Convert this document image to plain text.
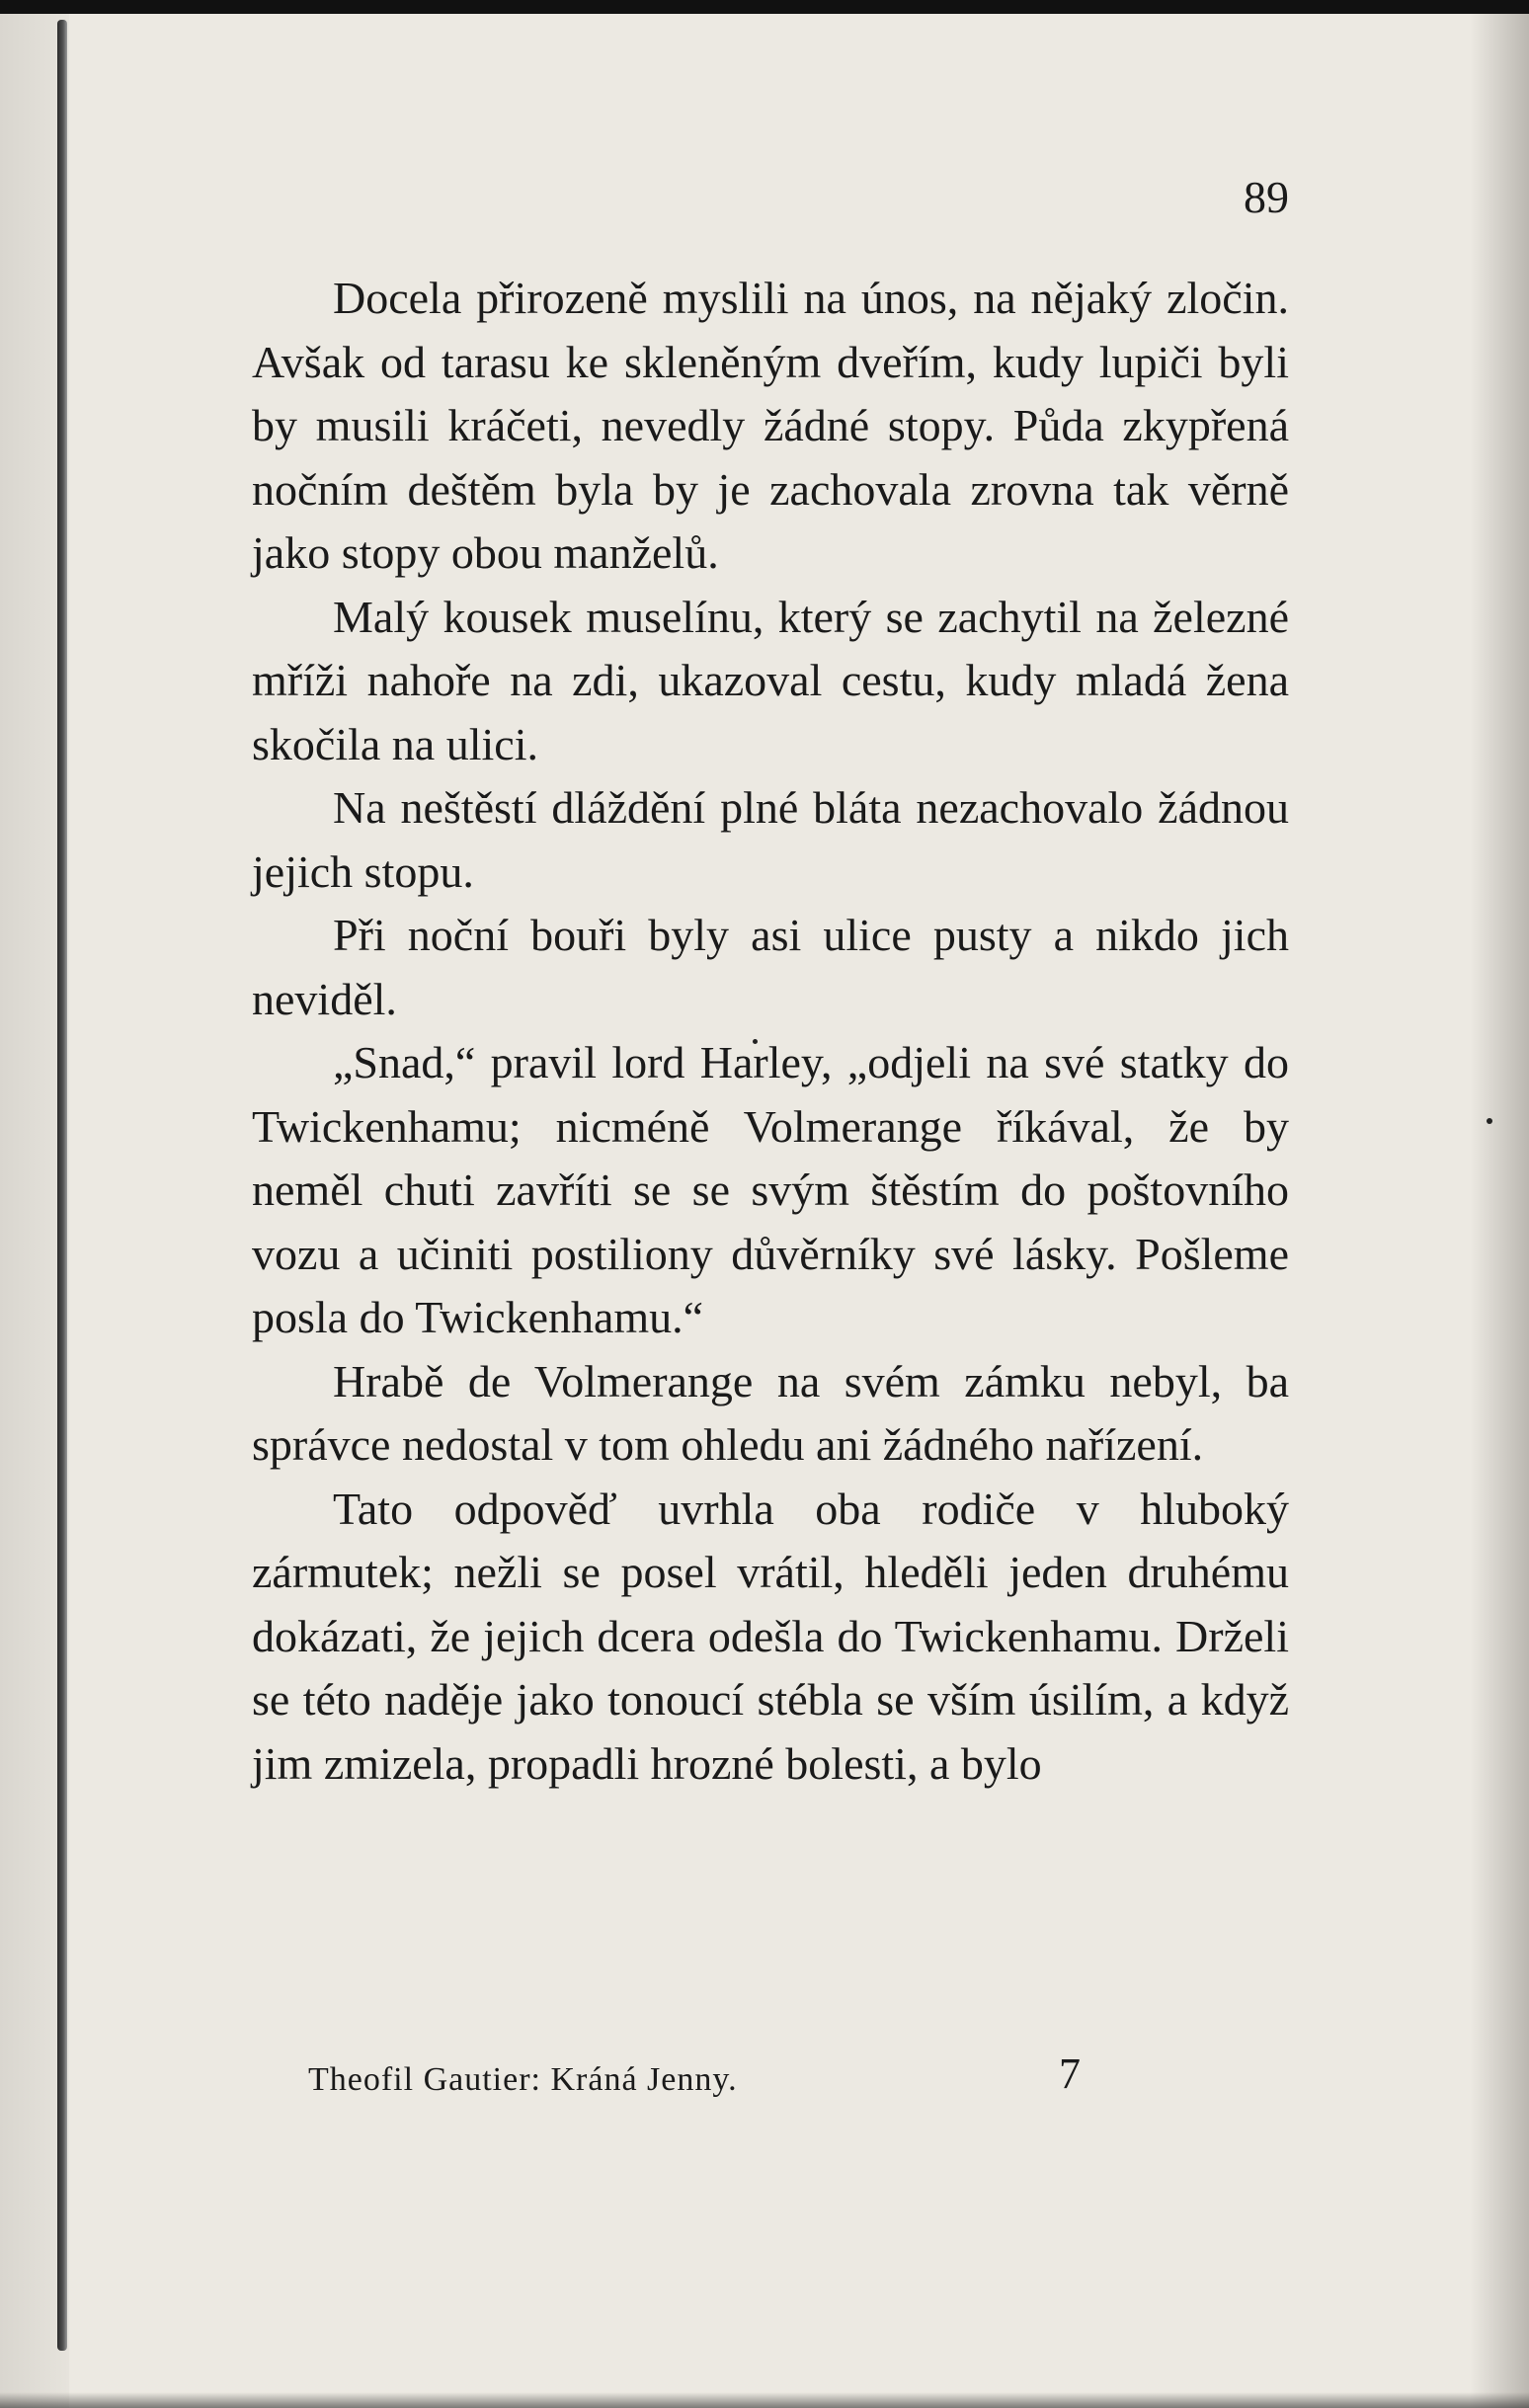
89

Docela přirozeně myslili na únos, na nějaký zločin. Avšak od tarasu ke skleněným dveřím, kudy lupiči byli by musili kráčeti, nevedly žádné stopy. Půda zkypřená nočním deštěm byla by je zachovala zrovna tak věrně jako stopy obou manželů.

Malý kousek muselínu, který se zachytil na železné mříži nahoře na zdi, ukazoval cestu, kudy mladá žena skočila na ulici.

Na neštěstí dláždění plné bláta nezachovalo žádnou jejich stopu.

Při noční bouři byly asi ulice pusty a nikdo jich neviděl.

„Snad,“ pravil lord Harley, „odjeli na své statky do Twickenhamu; nicméně Volmerange říkával, že by neměl chuti zavříti se se svým štěstím do poštovního vozu a učiniti postiliony důvěrníky své lásky. Pošleme posla do Twickenhamu.“

Hrabě de Volmerange na svém zámku nebyl, ba správce nedostal v tom ohledu ani žádného nařízení.

Tato odpověď uvrhla oba rodiče v hluboký zármutek; nežli se posel vrátil, hleděli jeden druhému dokázati, že jejich dcera odešla do Twickenhamu. Drželi se této naděje jako tonoucí stébla se vším úsilím, a když jim zmizela, propadli hrozné bolesti, a bylo

Theofil Gautier: Kráná Jenny.	7
